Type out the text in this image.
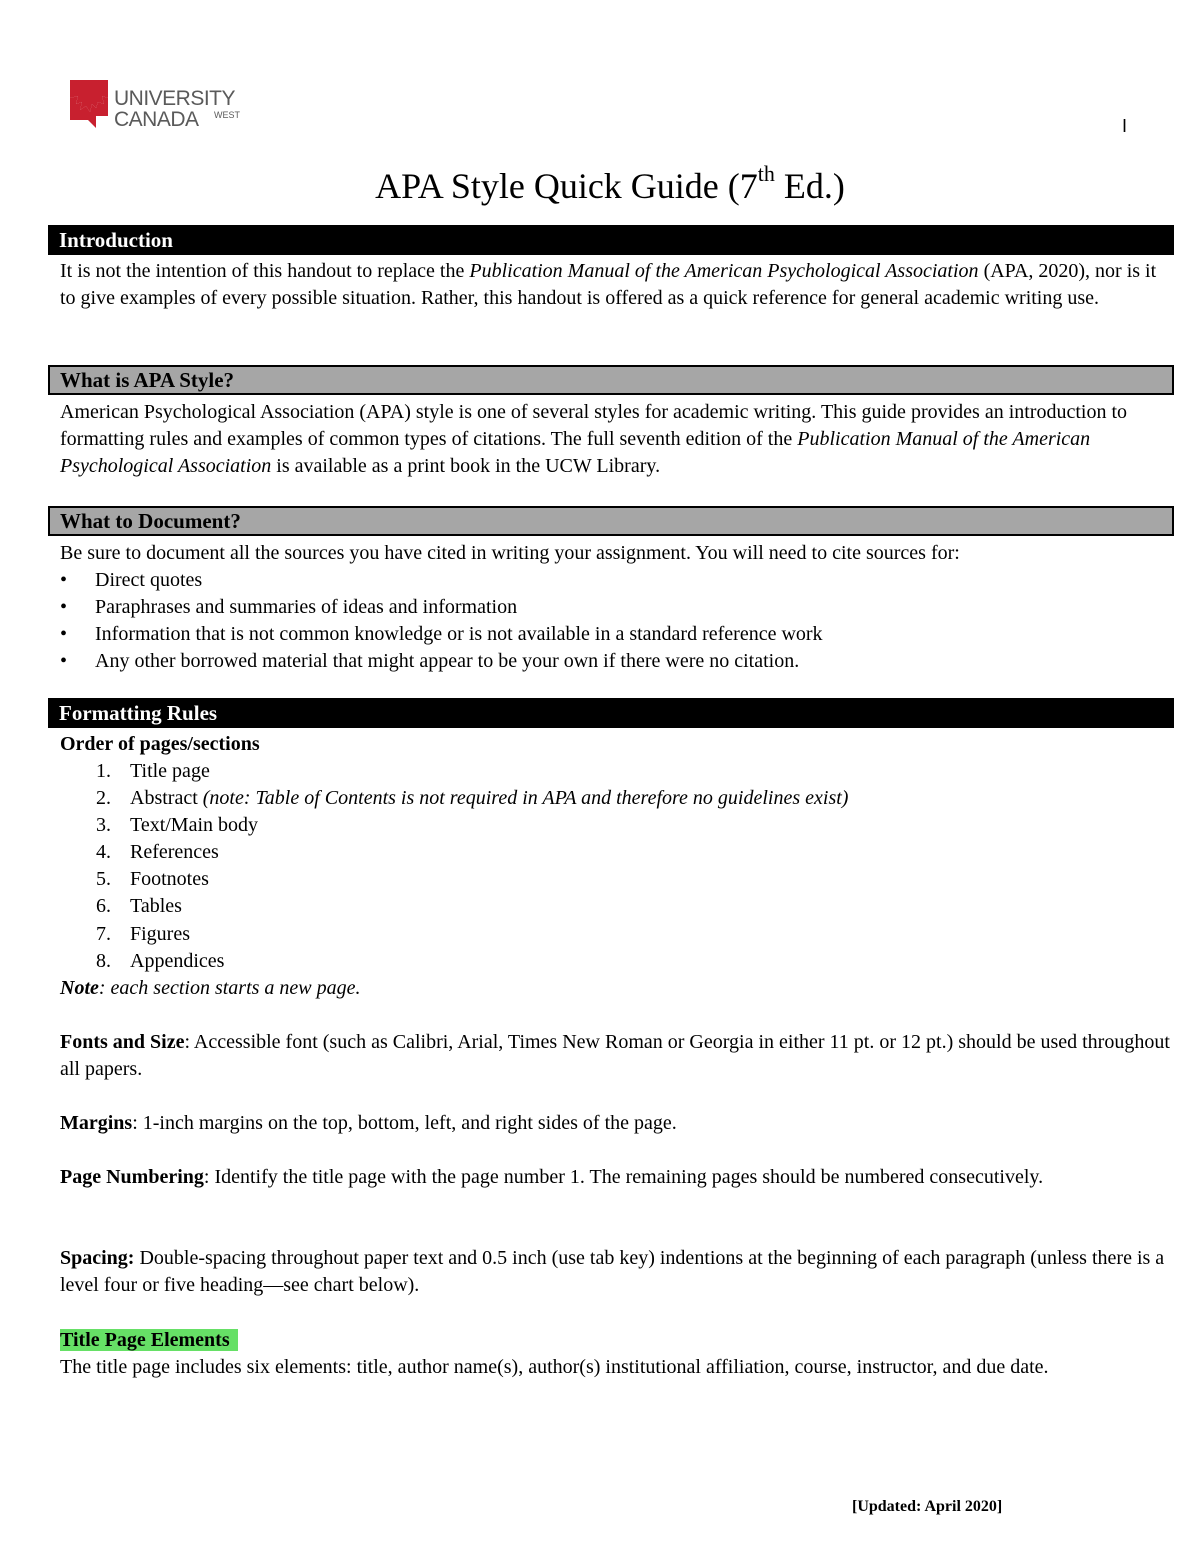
UNIVERSITY
CANADA WEST
I
APA Style Quick Guide (7th Ed.)
Introduction

It is not the intention of this handout to replace the Publication Manual of the American Psychological Association (APA, 2020), nor is it to give examples of every possible situation. Rather, this handout is offered as a quick reference for general academic writing use.

What is APA Style?

American Psychological Association (APA) style is one of several styles for academic writing. This guide provides an introduction to formatting rules and examples of common types of citations. The full seventh edition of the Publication Manual of the American Psychological Association is available as a print book in the UCW Library.

What to Document?

Be sure to document all the sources you have cited in writing your assignment. You will need to cite sources for:

• Direct quotes
• Paraphrases and summaries of ideas and information
• Information that is not common knowledge or is not available in a standard reference work
• Any other borrowed material that might appear to be your own if there were no citation.
Formatting Rules

Order of pages/sections

1. Title page
2. Abstract (note: Table of Contents is not required in APA and therefore no guidelines exist)
3. Text/Main body
4. References
5. Footnotes
6. Tables
7. Figures
8. Appendices

Note: each section starts a new page.

Fonts and Size: Accessible font (such as Calibri, Arial, Times New Roman or Georgia in either 11 pt. or 12 pt.) should be used throughout all papers.

Margins: 1-inch margins on the top, bottom, left, and right sides of the page.

Page Numbering: Identify the title page with the page number 1. The remaining pages should be numbered consecutively.

Spacing: Double-spacing throughout paper text and 0.5 inch (use tab key) indentions at the beginning of each paragraph (unless there is a level four or five heading—see chart below).

Title Page Elements

The title page includes six elements: title, author name(s), author(s) institutional affiliation, course, instructor, and due date.

[Updated: April 2020]
